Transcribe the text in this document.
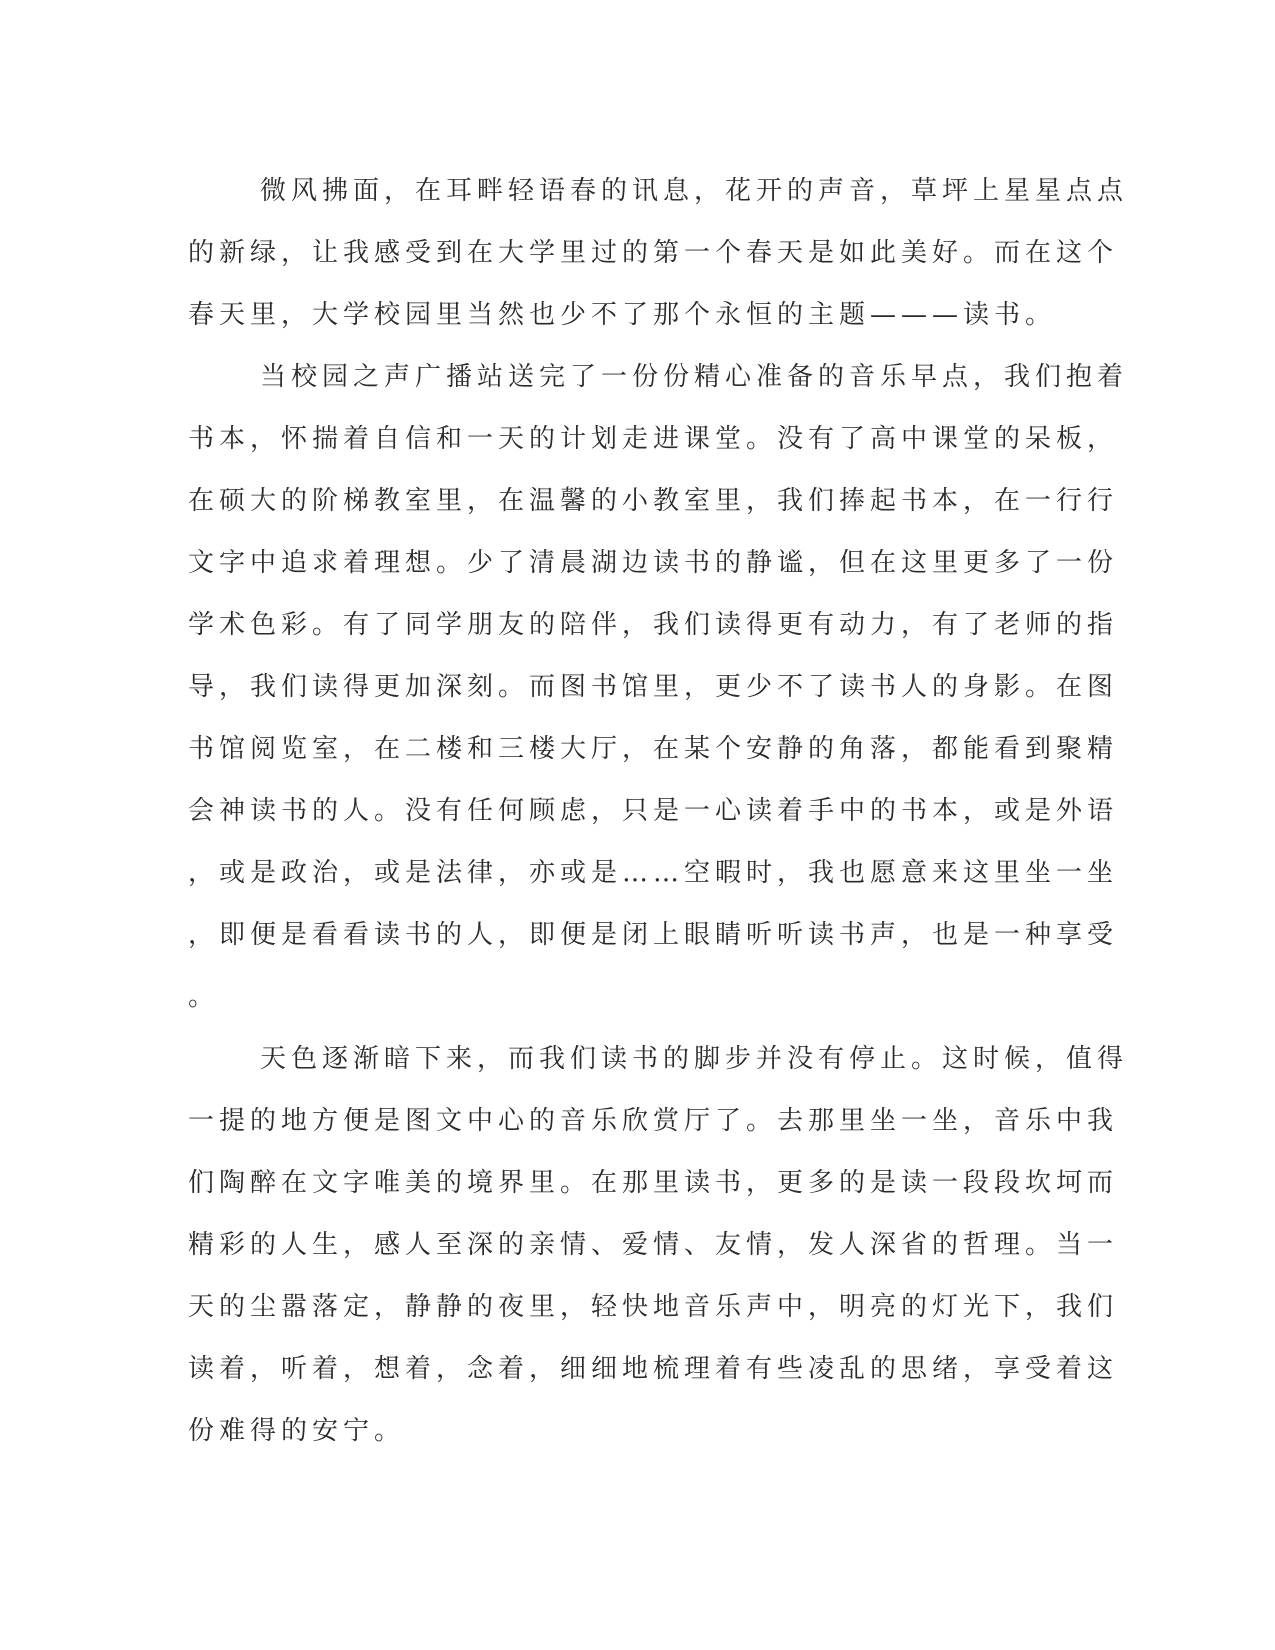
微风拂面，在耳畔轻语春的讯息，花开的声音，草坪上星星点点
的新绿，让我感受到在大学里过的第一个春天是如此美好。而在这个
春天里，大学校园里当然也少不了那个永恒的主题———读书。
当校园之声广播站送完了一份份精心准备的音乐早点，我们抱着
书本，怀揣着自信和一天的计划走进课堂。没有了高中课堂的呆板，
在硕大的阶梯教室里，在温馨的小教室里，我们捧起书本，在一行行
文字中追求着理想。少了清晨湖边读书的静谧，但在这里更多了一份
学术色彩。有了同学朋友的陪伴，我们读得更有动力，有了老师的指
导，我们读得更加深刻。而图书馆里，更少不了读书人的身影。在图
书馆阅览室，在二楼和三楼大厅，在某个安静的角落，都能看到聚精
会神读书的人。没有任何顾虑，只是一心读着手中的书本，或是外语
，或是政治，或是法律，亦或是……空暇时，我也愿意来这里坐一坐
，即便是看看读书的人，即便是闭上眼睛听听读书声，也是一种享受
。
天色逐渐暗下来，而我们读书的脚步并没有停止。这时候，值得
一提的地方便是图文中心的音乐欣赏厅了。去那里坐一坐，音乐中我
们陶醉在文字唯美的境界里。在那里读书，更多的是读一段段坎坷而
精彩的人生，感人至深的亲情、爱情、友情，发人深省的哲理。当一
天的尘嚣落定，静静的夜里，轻快地音乐声中，明亮的灯光下，我们
读着，听着，想着，念着，细细地梳理着有些凌乱的思绪，享受着这
份难得的安宁。
